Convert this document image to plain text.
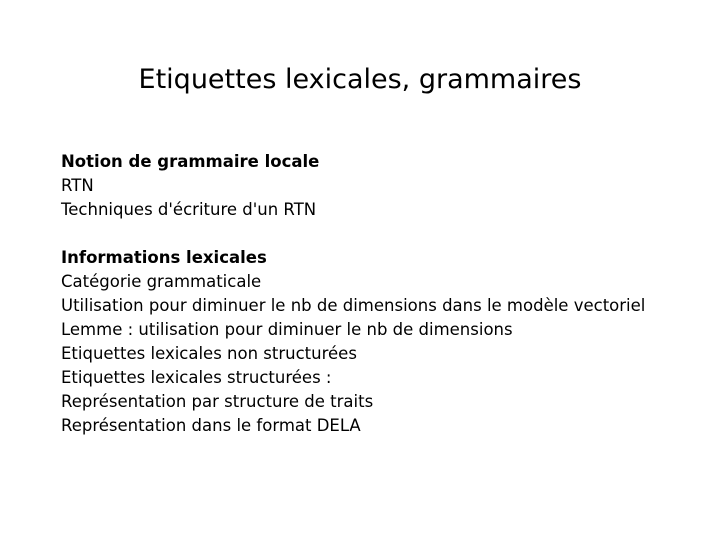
Etiquettes lexicales, grammaires
Notion de grammaire locale
RTN
Techniques d'écriture d'un RTN
Informations lexicales
Catégorie grammaticale
Utilisation pour diminuer le nb de dimensions dans le modèle vectoriel
Lemme : utilisation pour diminuer le nb de dimensions
Etiquettes lexicales non structurées
Etiquettes lexicales structurées :
Représentation par structure de traits
Représentation dans le format DELA
